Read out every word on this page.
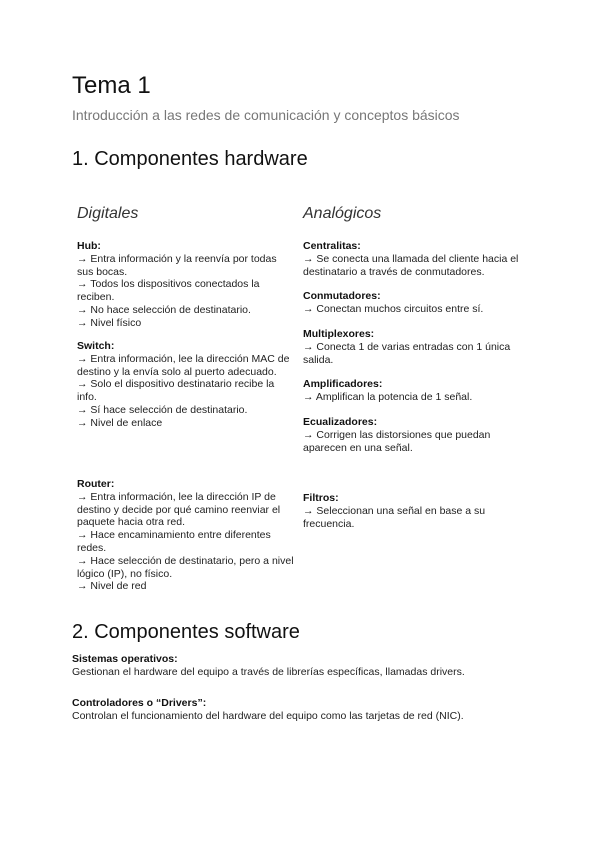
Tema 1
Introducción a las redes de comunicación y conceptos básicos
1. Componentes hardware
Digitales	Analógicos
Hub:
→ Entra información y la reenvía por todas sus bocas.
→ Todos los dispositivos conectados la reciben.
→ No hace selección de destinatario.
→ Nivel físico
Switch:
→ Entra información, lee la dirección MAC de destino y la envía solo al puerto adecuado.
→ Solo el dispositivo destinatario recibe la info.
→ Sí hace selección de destinatario.
→ Nivel de enlace
Router:
→ Entra información, lee la dirección IP de destino y decide por qué camino reenviar el paquete hacia otra red.
→ Hace encaminamiento entre diferentes redes.
→ Hace selección de destinatario, pero a nivel lógico (IP), no físico.
→ Nivel de red
Centralitas:
→ Se conecta una llamada del cliente hacia el destinatario a través de conmutadores.
Conmutadores:
→ Conectan muchos circuitos entre sí.
Multiplexores:
→ Conecta 1 de varias entradas con 1 única salida.
Amplificadores:
→ Amplifican la potencia de 1 señal.
Ecualizadores:
→ Corrigen las distorsiones que puedan aparecen en una señal.
Filtros:
→ Seleccionan una señal en base a su frecuencia.
2. Componentes software
Sistemas operativos:
Gestionan el hardware del equipo a través de librerías específicas, llamadas drivers.
Controladores o “Drivers”:
Controlan el funcionamiento del hardware del equipo como las tarjetas de red (NIC).
